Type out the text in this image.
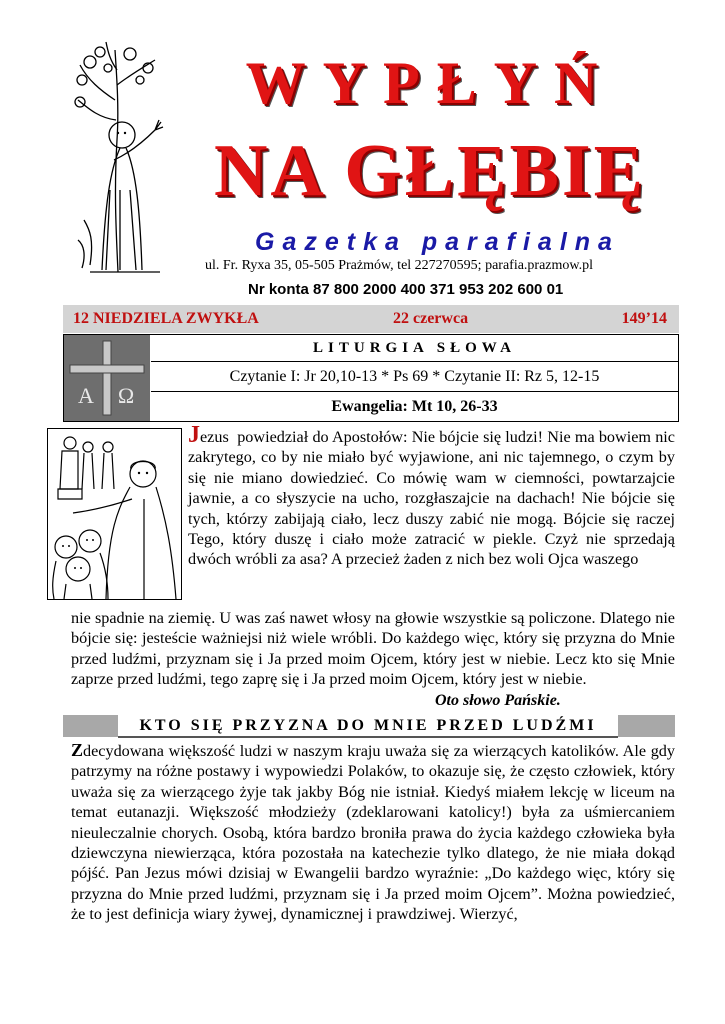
WYPŁYŃ
NA GŁĘBIĘ
Gazetka parafialna
ul. Fr. Ryxa 35, 05-505 Prażmów, tel 227270595; parafia.prazmow.pl
Nr konta 87 800 2000 400 371 953 202 600 01
12 NIEDZIELA ZWYKŁA	22 czerwca	149’14
A Ω
LITURGIA SŁOWA
Czytanie I: Jr 20,10-13 * Ps 69 * Czytanie II: Rz 5, 12-15
Ewangelia: Mt 10, 26-33
Jezus powiedział do Apostołów: Nie bójcie się ludzi! Nie ma bowiem nic zakrytego, co by nie miało być wyjawione, ani nic tajemnego, o czym by się nie miano dowiedzieć. Co mówię wam w ciemności, powtarzajcie jawnie, a co słyszycie na ucho, rozgłaszajcie na dachach! Nie bójcie się tych, którzy zabijają ciało, lecz duszy zabić nie mogą. Bójcie się raczej Tego, który duszę i ciało może zatracić w piekle. Czyż nie sprzedają dwóch wróbli za asa? A przecież żaden z nich bez woli Ojca waszego
nie spadnie na ziemię. U was zaś nawet włosy na głowie wszystkie są policzone. Dlatego nie bójcie się: jesteście ważniejsi niż wiele wróbli. Do każdego więc, który się przyzna do Mnie przed ludźmi, przyznam się i Ja przed moim Ojcem, który jest w niebie. Lecz kto się Mnie zaprze przed ludźmi, tego zaprę się i Ja przed moim Ojcem, który jest w niebie.
Oto słowo Pańskie.
KTO SIĘ PRZYZNA DO MNIE PRZED LUDŹMI
Zdecydowana większość ludzi w naszym kraju uważa się za wierzących katolików. Ale gdy patrzymy na różne postawy i wypowiedzi Polaków, to okazuje się, że często człowiek, który uważa się za wierzącego żyje tak jakby Bóg nie istniał. Kiedyś miałem lekcję w liceum na temat eutanazji. Większość młodzieży (zdeklarowani katolicy!) była za uśmiercaniem nieuleczalnie chorych. Osobą, która bardzo broniła prawa do życia każdego człowieka była dziewczyna niewierząca, która pozostała na katechezie tylko dlatego, że nie miała dokąd pójść. Pan Jezus mówi dzisiaj w Ewangelii bardzo wyraźnie: „Do każdego więc, który się przyzna do Mnie przed ludźmi, przyznam się i Ja przed moim Ojcem”. Można powiedzieć, że to jest definicja wiary żywej, dynamicznej i prawdziwej. Wierzyć,
